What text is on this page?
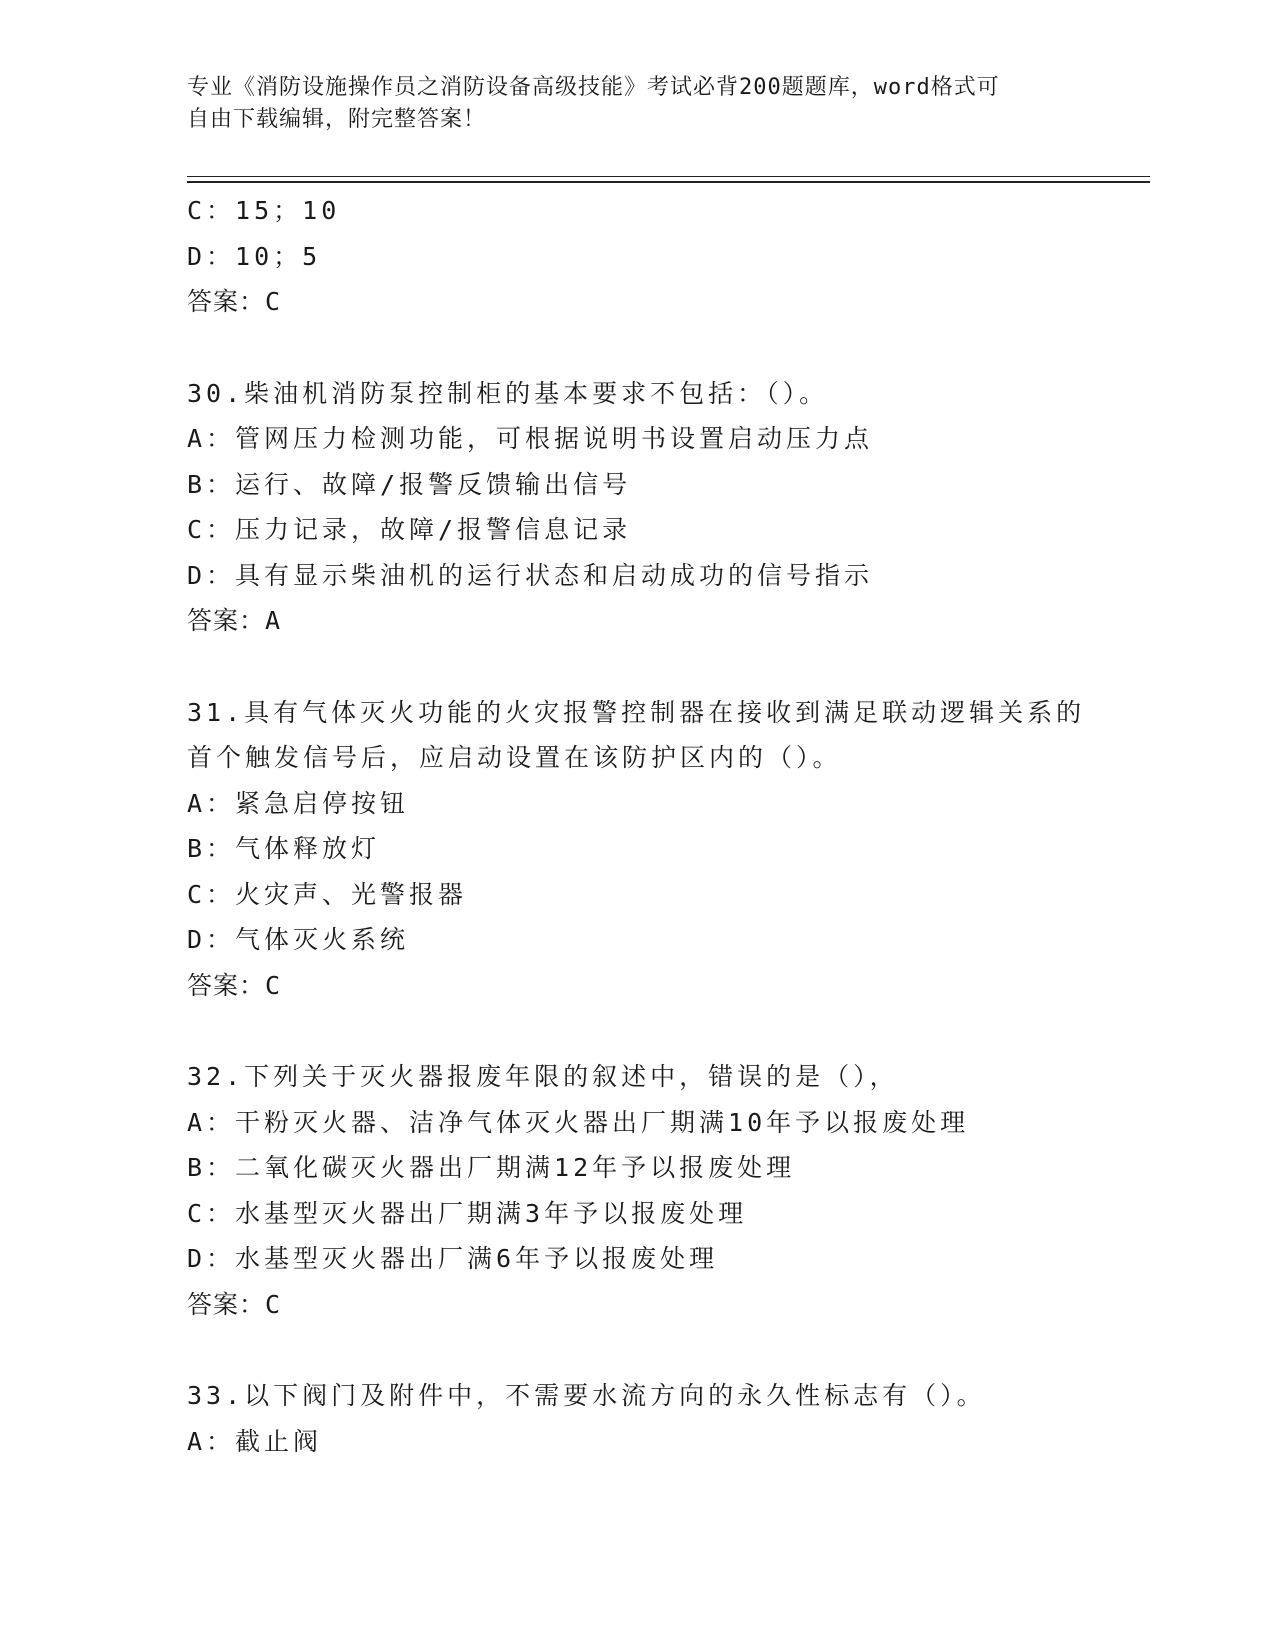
专业《消防设施操作员之消防设备高级技能》考试必背200题题库，word格式可
自由下载编辑，附完整答案！
C：15；10
D：10；5
答案：C
30.柴油机消防泵控制柜的基本要求不包括：（）。
A：管网压力检测功能，可根据说明书设置启动压力点
B：运行、故障/报警反馈输出信号
C：压力记录，故障/报警信息记录
D：具有显示柴油机的运行状态和启动成功的信号指示
答案：A
31.具有气体灭火功能的火灾报警控制器在接收到满足联动逻辑关系的
首个触发信号后，应启动设置在该防护区内的（）。
A：紧急启停按钮
B：气体释放灯
C：火灾声、光警报器
D：气体灭火系统
答案：C
32.下列关于灭火器报废年限的叙述中，错误的是（），
A：干粉灭火器、洁净气体灭火器出厂期满10年予以报废处理
B：二氧化碳灭火器出厂期满12年予以报废处理
C：水基型灭火器出厂期满3年予以报废处理
D：水基型灭火器出厂满6年予以报废处理
答案：C
33.以下阀门及附件中，不需要水流方向的永久性标志有（）。
A：截止阀
